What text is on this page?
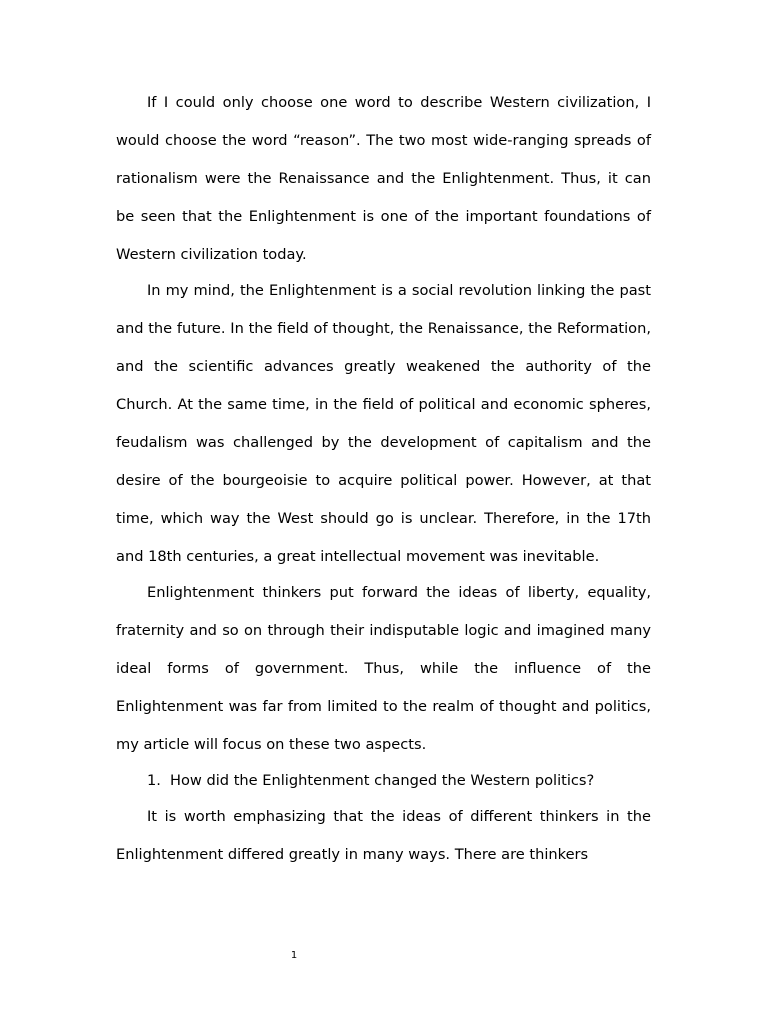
If I could only choose one word to describe Western civilization, I would choose the word “reason”. The two most wide-ranging spreads of rationalism were the Renaissance and the Enlightenment. Thus, it can be seen that the Enlightenment is one of the important foundations of Western civilization today.

In my mind, the Enlightenment is a social revolution linking the past and the future. In the field of thought, the Renaissance, the Reformation, and the scientific advances greatly weakened the authority of the Church. At the same time, in the field of political and economic spheres, feudalism was challenged by the development of capitalism and the desire of the bourgeoisie to acquire political power. However, at that time, which way the West should go is unclear. Therefore, in the 17th and 18th centuries, a great intellectual movement was inevitable.

Enlightenment thinkers put forward the ideas of liberty, equality, fraternity and so on through their indisputable logic and imagined many ideal forms of government. Thus, while the influence of the Enlightenment was far from limited to the realm of thought and politics, my article will focus on these two aspects.

1. How did the Enlightenment changed the Western politics?

It is worth emphasizing that the ideas of different thinkers in the Enlightenment differed greatly in many ways. There are thinkers

1
